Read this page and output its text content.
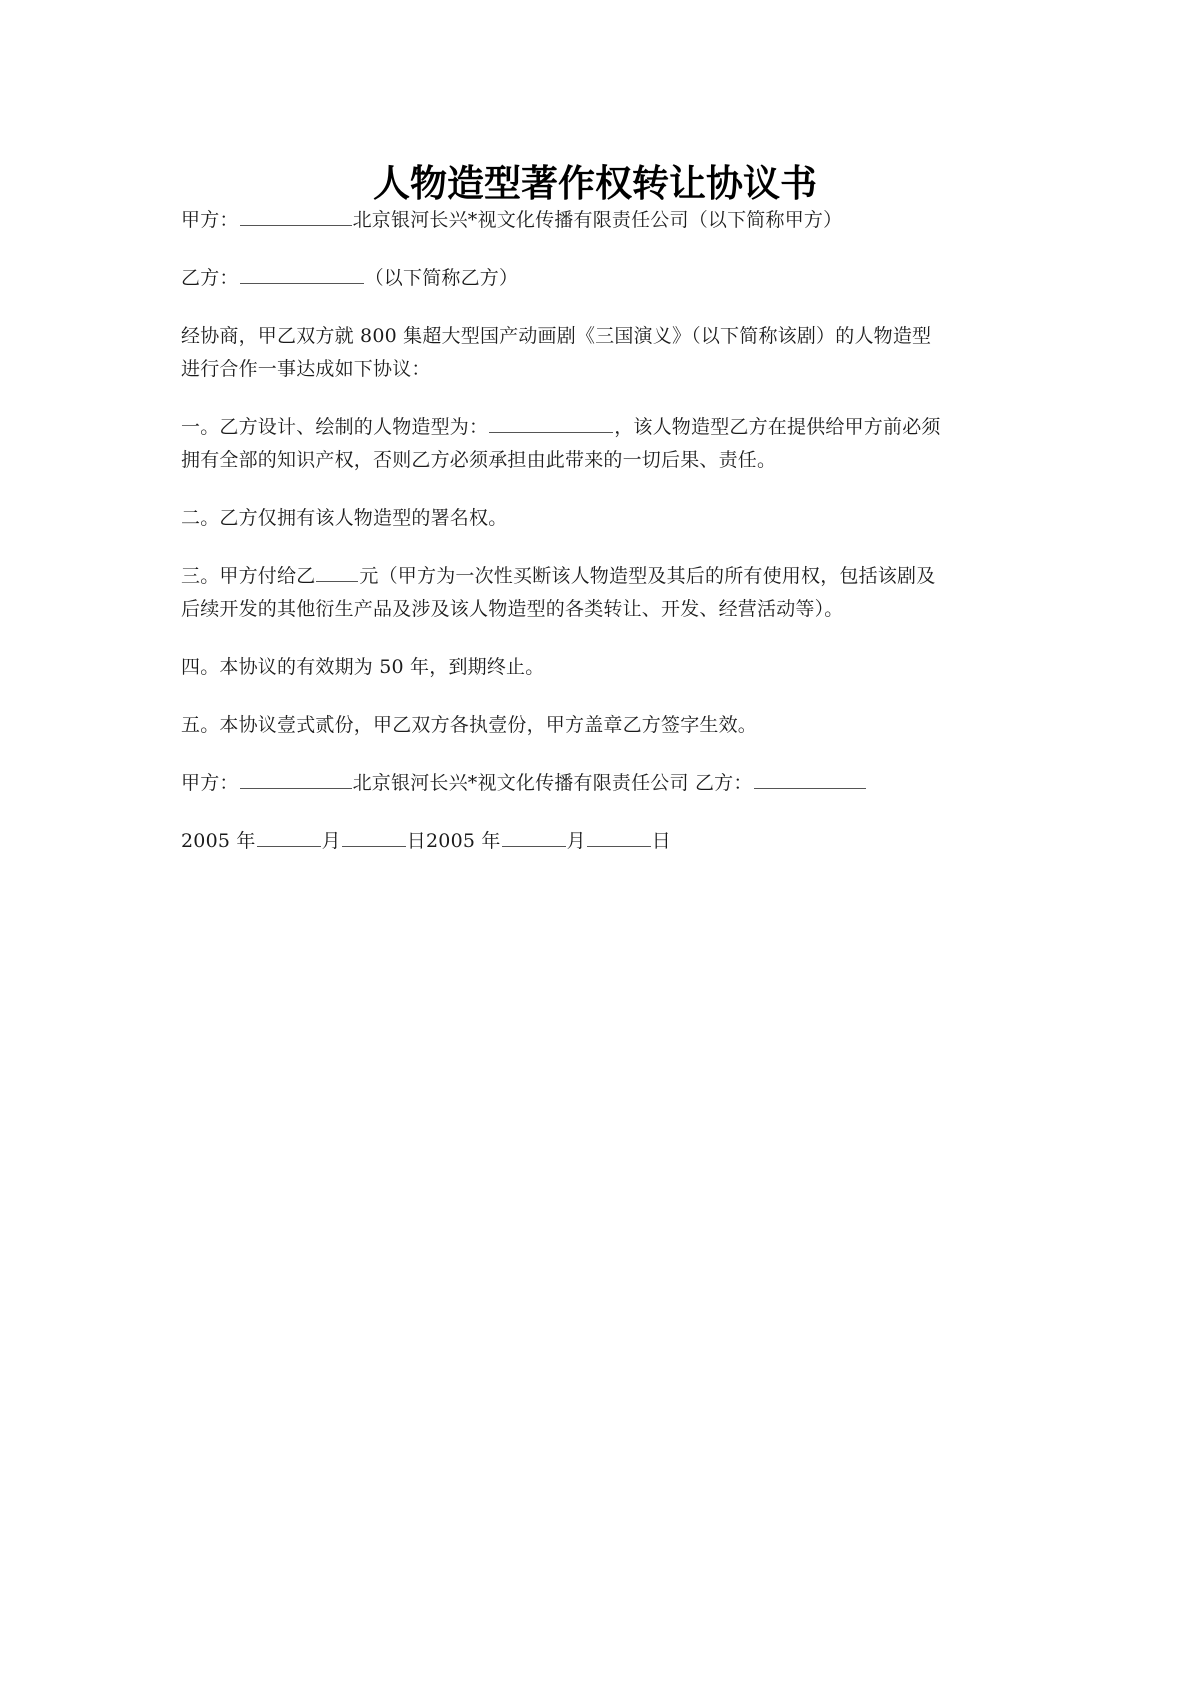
人物造型著作权转让协议书
甲方：	北京银河长兴*视文化传播有限责任公司（以下简称甲方）
乙方：	（以下简称乙方）
经协商，甲乙双方就 800 集超大型国产动画剧《三国演义》（以下简称该剧）的人物造型
进行合作一事达成如下协议：
一。乙方设计、绘制的人物造型为：	，该人物造型乙方在提供给甲方前必须
拥有全部的知识产权，否则乙方必须承担由此带来的一切后果、责任。
二。乙方仅拥有该人物造型的署名权。
三。甲方付给乙 元（甲方为一次性买断该人物造型及其后的所有使用权，包括该剧及
后续开发的其他衍生产品及涉及该人物造型的各类转让、开发、经营活动等）。
四。本协议的有效期为 50 年，到期终止。
五。本协议壹式贰份，甲乙双方各执壹份，甲方盖章乙方签字生效。
甲方：	北京银河长兴*视文化传播有限责任公司 乙方：
2005 年	月	日2005 年	月	日
